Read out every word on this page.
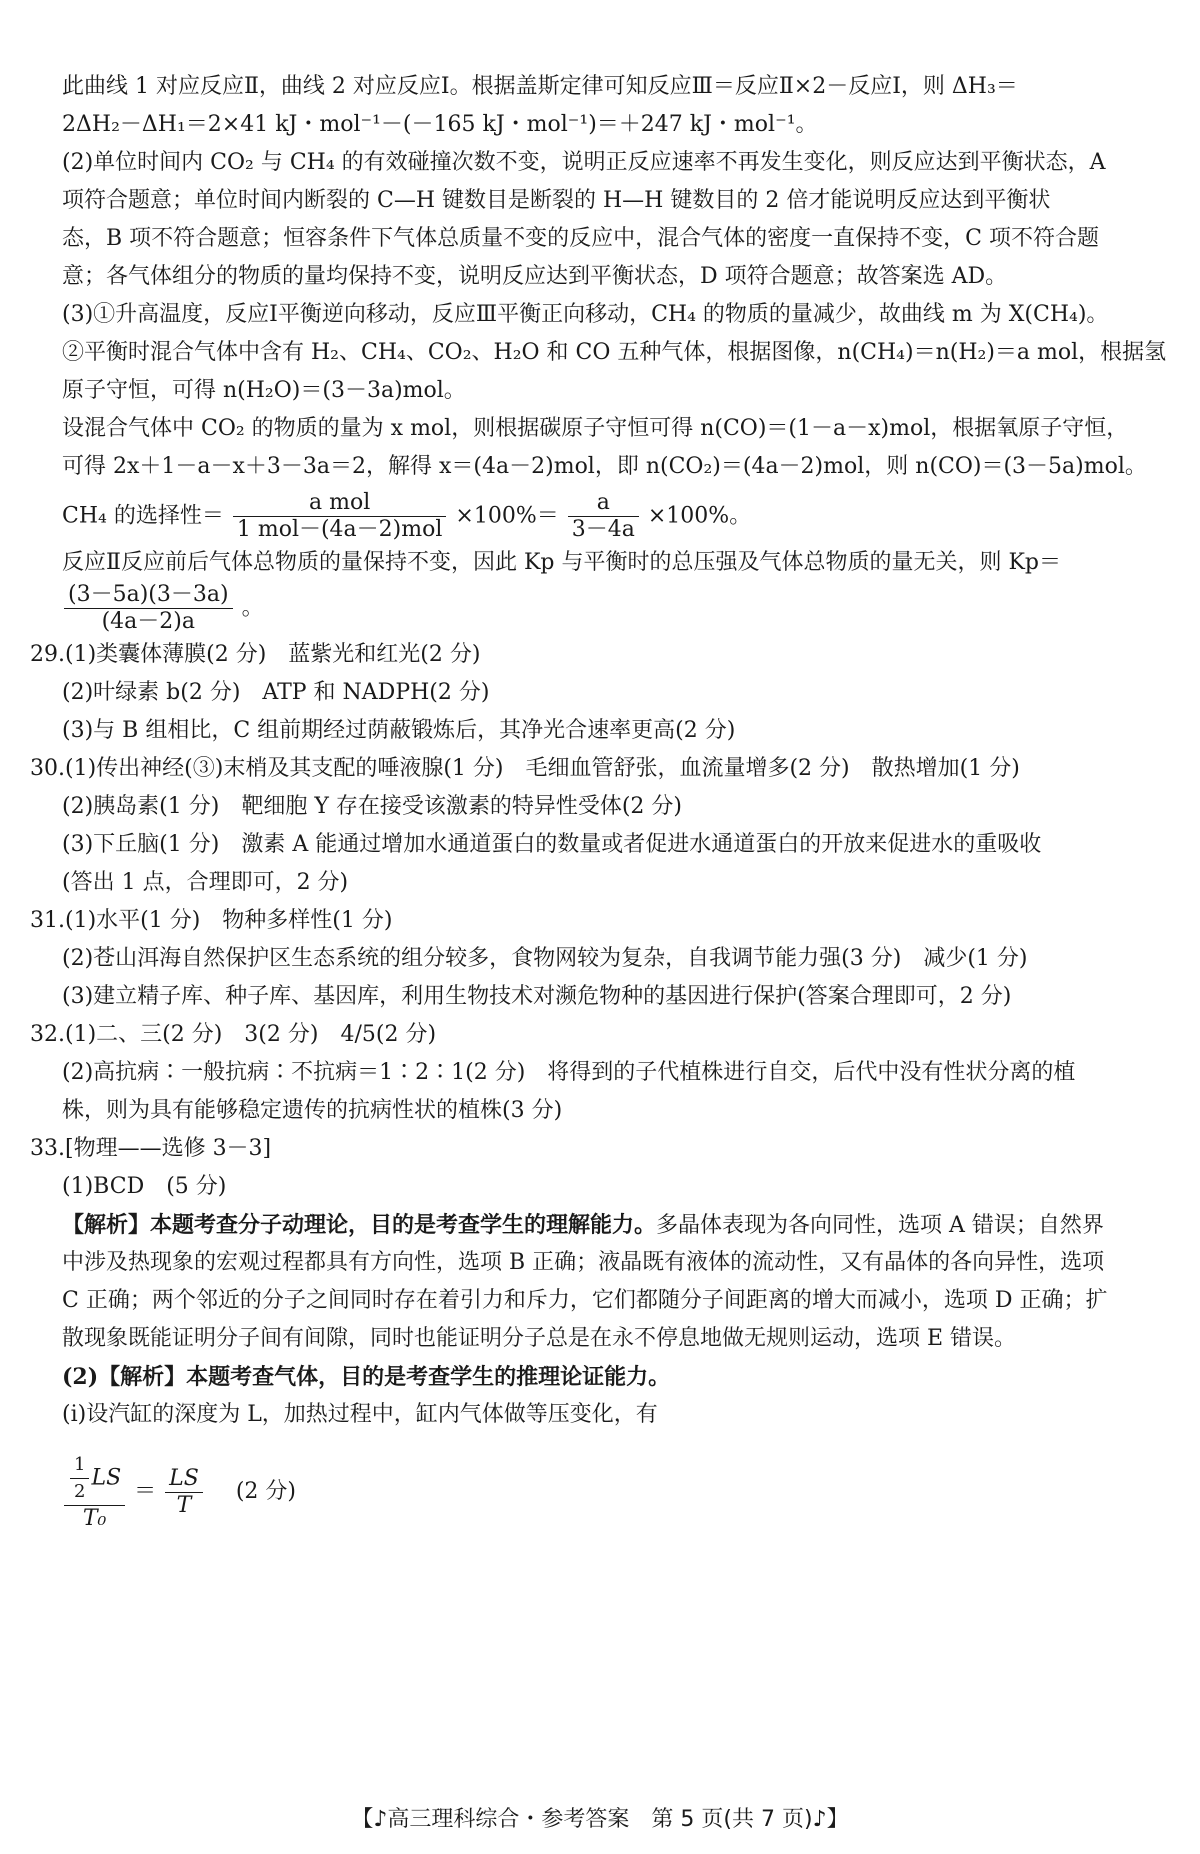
此曲线 1 对应反应Ⅱ，曲线 2 对应反应Ⅰ。根据盖斯定律可知反应Ⅲ＝反应Ⅱ×2－反应Ⅰ，则 ΔH₃＝
2ΔH₂－ΔH₁＝2×41 kJ・mol⁻¹－(－165 kJ・mol⁻¹)＝＋247 kJ・mol⁻¹。
(2)单位时间内 CO₂ 与 CH₄ 的有效碰撞次数不变，说明正反应速率不再发生变化，则反应达到平衡状态，A
项符合题意；单位时间内断裂的 C—H 键数目是断裂的 H—H 键数目的 2 倍才能说明反应达到平衡状
态，B 项不符合题意；恒容条件下气体总质量不变的反应中，混合气体的密度一直保持不变，C 项不符合题
意；各气体组分的物质的量均保持不变，说明反应达到平衡状态，D 项符合题意；故答案选 AD。
(3)①升高温度，反应Ⅰ平衡逆向移动，反应Ⅲ平衡正向移动，CH₄ 的物质的量减少，故曲线 m 为 X(CH₄)。
②平衡时混合气体中含有 H₂、CH₄、CO₂、H₂O 和 CO 五种气体，根据图像，n(CH₄)＝n(H₂)＝a mol，根据氢
原子守恒，可得 n(H₂O)＝(3－3a)mol。
设混合气体中 CO₂ 的物质的量为 x mol，则根据碳原子守恒可得 n(CO)＝(1－a－x)mol，根据氧原子守恒，
可得 2x＋1－a－x＋3－3a＝2，解得 x＝(4a－2)mol，即 n(CO₂)＝(4a－2)mol，则 n(CO)＝(3－5a)mol。
CH₄ 的选择性＝ $\frac{\text{a mol}}{\text{1 mol－(4a－2)mol}} \times 100\%= \frac{a}{3-4a} \times 100\%$。
反应Ⅱ反应前后气体总物质的量保持不变，因此 Kp 与平衡时的总压强及气体总物质的量无关，则 Kp＝
$\frac{(3-5a)(3-3a)}{(4a-2)a}$ 。
29.(1)类囊体薄膜(2 分)　蓝紫光和红光(2 分)
(2)叶绿素 b(2 分)　ATP 和 NADPH(2 分)
(3)与 B 组相比，C 组前期经过荫蔽锻炼后，其净光合速率更高(2 分)
30.(1)传出神经(③)末梢及其支配的唾液腺(1 分)　毛细血管舒张，血流量增多(2 分)　散热增加(1 分)
(2)胰岛素(1 分)　靶细胞 Y 存在接受该激素的特异性受体(2 分)
(3)下丘脑(1 分)　激素 A 能通过增加水通道蛋白的数量或者促进水通道蛋白的开放来促进水的重吸收
(答出 1 点，合理即可，2 分)
31.(1)水平(1 分)　物种多样性(1 分)
(2)苍山洱海自然保护区生态系统的组分较多，食物网较为复杂，自我调节能力强(3 分)　减少(1 分)
(3)建立精子库、种子库、基因库，利用生物技术对濒危物种的基因进行保护(答案合理即可，2 分)
32.(1)二、三(2 分)　3(2 分)　4/5(2 分)
(2)高抗病∶一般抗病∶不抗病＝1∶2∶1(2 分)　将得到的子代植株进行自交，后代中没有性状分离的植
株，则为具有能够稳定遗传的抗病性状的植株(3 分)
33.[物理——选修 3－3]
(1)BCD　(5 分)
【解析】本题考查分子动理论，目的是考查学生的理解能力。多晶体表现为各向同性，选项 A 错误；自然界
中涉及热现象的宏观过程都具有方向性，选项 B 正确；液晶既有液体的流动性，又有晶体的各向异性，选项
C 正确；两个邻近的分子之间同时存在着引力和斥力，它们都随分子间距离的增大而减小，选项 D 正确；扩
散现象既能证明分子间有间隙，同时也能证明分子总是在永不停息地做无规则运动，选项 E 错误。
(2)【解析】本题考查气体，目的是考查学生的推理论证能力。
(ⅰ)设汽缸的深度为 L，加热过程中，缸内气体做等压变化，有
$\frac{\frac{1}{2} LS}{\text{T₀}} = \frac{LS}{T} (2$ 分)
【♪高三理科综合・参考答案　第 5 页(共 7 页)♪】
